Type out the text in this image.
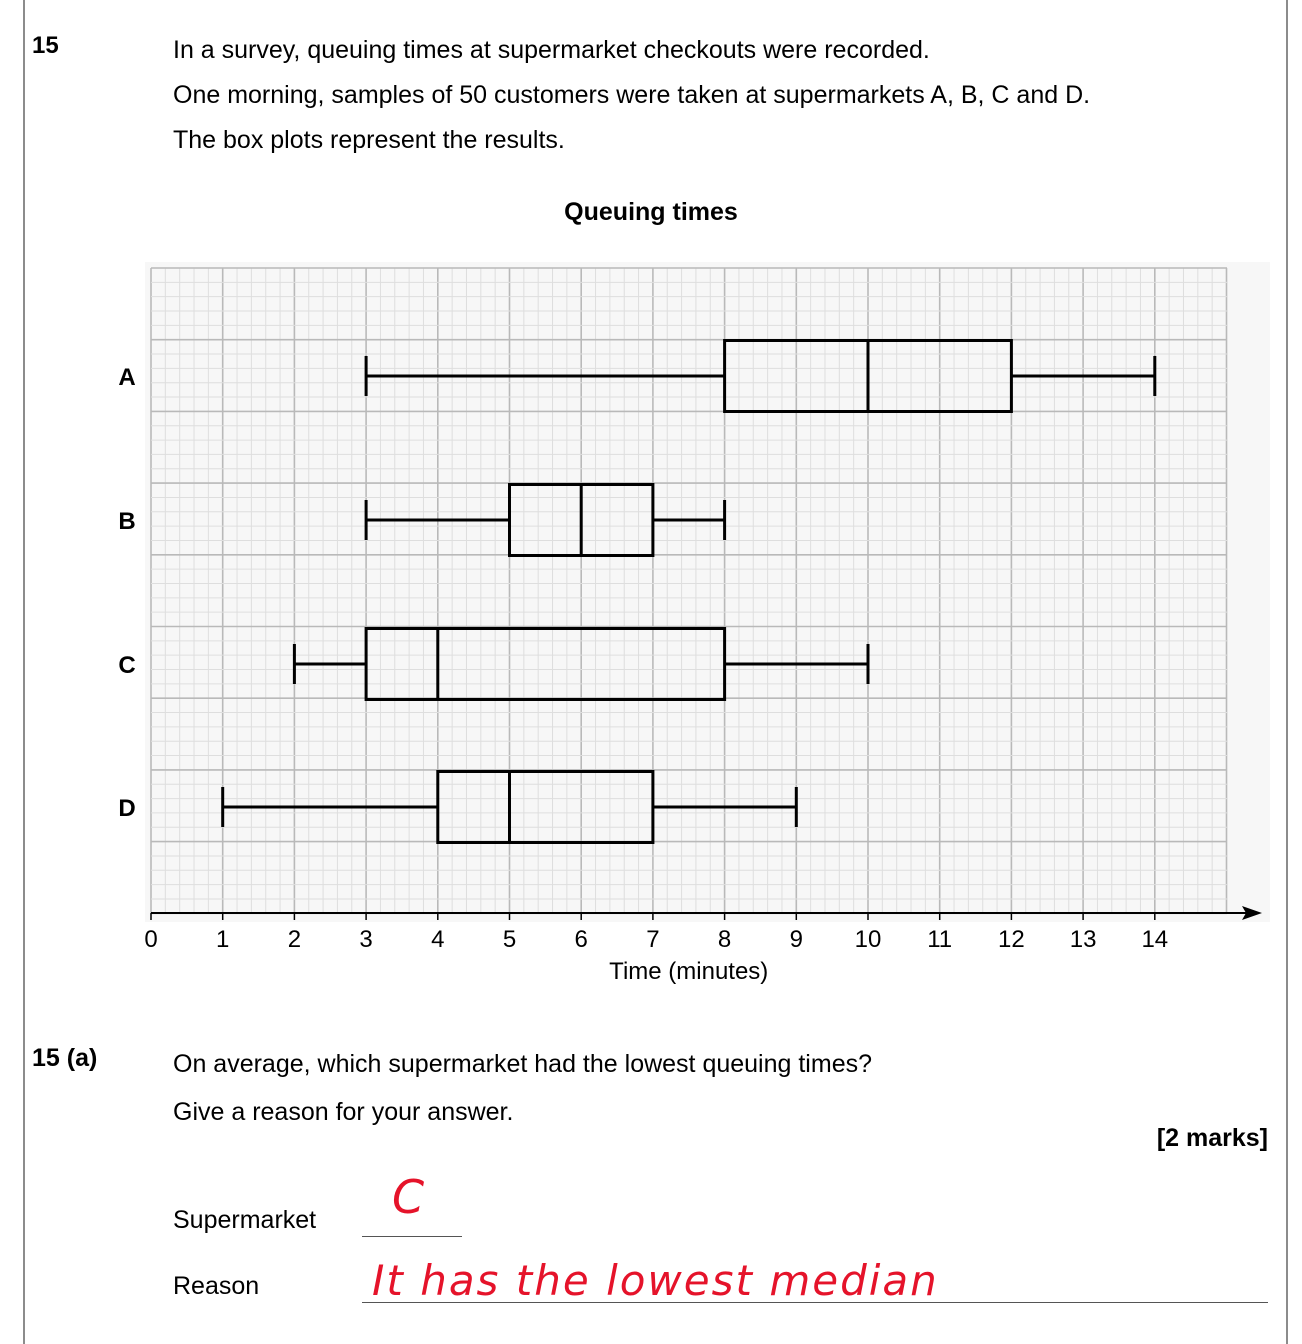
15	In a survey, queuing times at supermarket checkouts were recorded.
One morning, samples of 50 customers were taken at supermarkets A, B, C and D.
The box plots represent the results.
Queuing times
0 1 2 3 4 5 6 7 8 9 10 11 12 13 14
Time (minutes)
A
B
C
D
15 (a)	On average, which supermarket had the lowest queuing times?
Give a reason for your answer.
[2 marks]
Supermarket C
Reason	It has the lowest median
